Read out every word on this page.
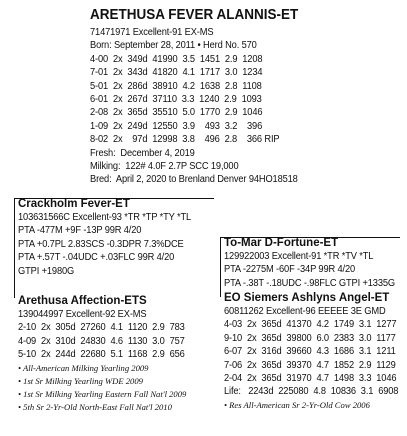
ARETHUSA FEVER ALANNIS-ET
71471971 Excellent-91 EX-MS
Born: September 28, 2011 • Herd No. 570
4-00  2x  349d  41990  3.5  1451  2.9  1208
7-01  2x  343d  41820  4.1  1717  3.0  1234
5-01  2x  286d  38910  4.2  1638  2.8  1108
6-01  2x  267d  37110  3.3  1240  2.9  1093
2-08  2x  365d  35510  5.0  1770  2.9  1046
1-09  2x  249d  12550  3.9    493  3.2    396
8-02  2x    97d  12998  3.8    496  2.8    366 RIP
Fresh:  December 4, 2019
Milking:  122# 4.0F 2.7P SCC 19,000
Bred:  April 2, 2020 to Brenland Denver 94HO18518
Crackholm Fever-ET
103631566C Excellent-93 *TR *TP *TY *TL
PTA -477M +9F -13P 99R 4/20
PTA +0.7PL 2.83SCS -0.3DPR 7.3%DCE
PTA +.57T -.04UDC +.03FLC 99R 4/20
GTPI +1980G
Arethusa Affection-ETS
139044997 Excellent-92 EX-MS
2-10  2x  305d  27260  4.1  1120  2.9  783
4-09  2x  310d  24830  4.6  1130  3.0  757
5-10  2x  244d  22680  5.1  1168  2.9  656
• All-American Milking Yearling 2009
• 1st Sr Milking Yearling WDE 2009
• 1st Sr Milking Yearling Eastern Fall Nat'l 2009
• 5th Sr 2-Yr-Old North-East Fall Nat'l 2010
To-Mar D-Fortune-ET
129922003 Excellent-91 *TR *TV *TL
PTA -2275M -60F -34P 99R 4/20
PTA -.38T -.18UDC -.98FLC GTPI +1335G
EO Siemers Ashlyns Angel-ET
60811262 Excellent-96 EEEEE 3E GMD
4-03  2x  365d  41370  4.2  1749  3.1  1277
9-10  2x  365d  39800  6.0  2383  3.0  1177
6-07  2x  316d  39660  4.3  1686  3.1  1211
7-06  2x  365d  39370  4.7  1852  2.9  1129
2-04  2x  365d  31970  4.7  1498  3.3  1046
Life:   2243d  225080  4.8  10836  3.1  6908
• Res All-American Sr 2-Yr-Old Cow 2006
